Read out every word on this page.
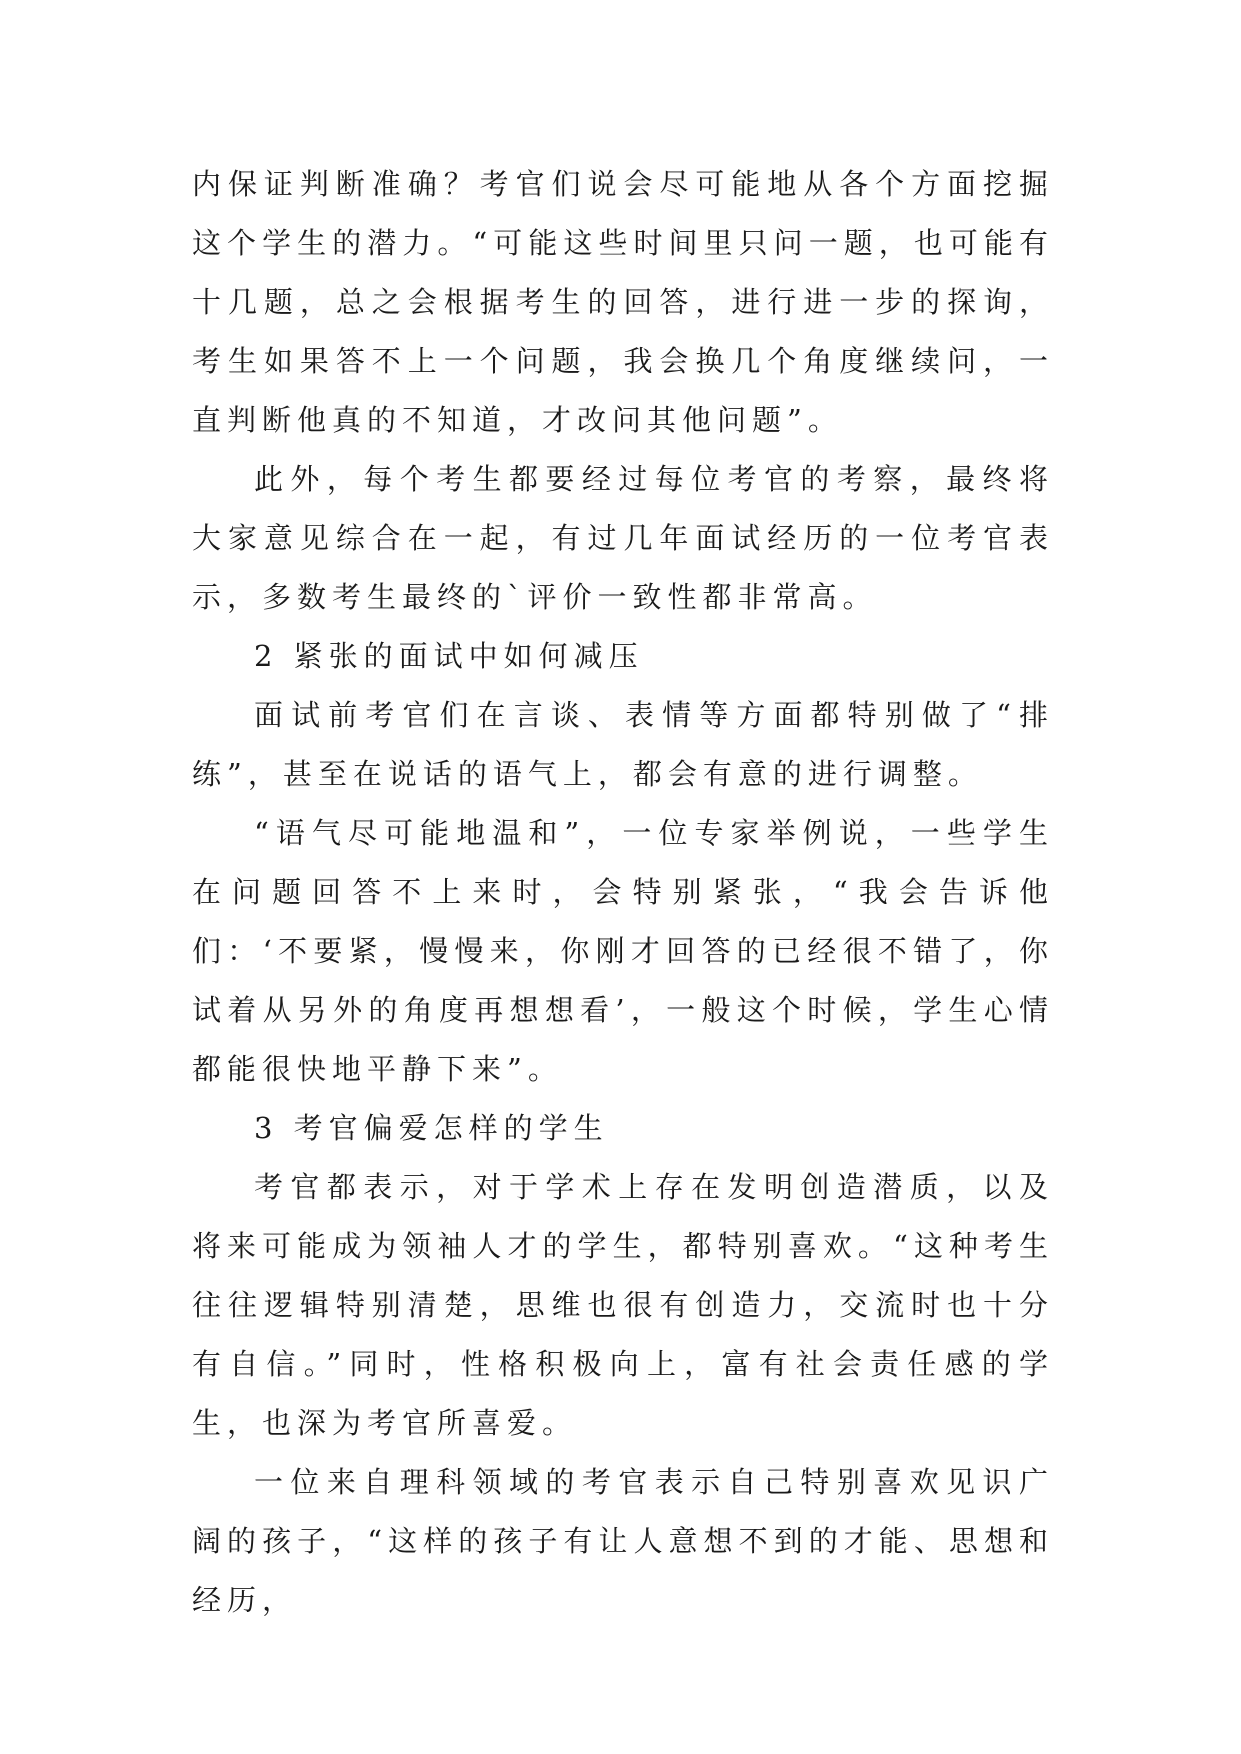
内保证判断准确？考官们说会尽可能地从各个方面挖掘这个学生的潜力。“可能这些时间里只问一题，也可能有十几题，总之会根据考生的回答，进行进一步的探询，考生如果答不上一个问题，我会换几个角度继续问，一直判断他真的不知道，才改问其他问题”。

此外，每个考生都要经过每位考官的考察，最终将大家意见综合在一起，有过几年面试经历的一位考官表示，多数考生最终的`评价一致性都非常高。

2 紧张的面试中如何减压

面试前考官们在言谈、表情等方面都特别做了“排练”，甚至在说话的语气上，都会有意的进行调整。

“语气尽可能地温和”，一位专家举例说，一些学生在问题回答不上来时，会特别紧张，“我会告诉他们：‘不要紧，慢慢来，你刚才回答的已经很不错了，你试着从另外的角度再想想看’，一般这个时候，学生心情都能很快地平静下来”。

3 考官偏爱怎样的学生

考官都表示，对于学术上存在发明创造潜质，以及将来可能成为领袖人才的学生，都特别喜欢。“这种考生往往逻辑特别清楚，思维也很有创造力，交流时也十分有自信。”同时，性格积极向上，富有社会责任感的学生，也深为考官所喜爱。

一位来自理科领域的考官表示自己特别喜欢见识广阔的孩子，“这样的孩子有让人意想不到的才能、思想和经历，
